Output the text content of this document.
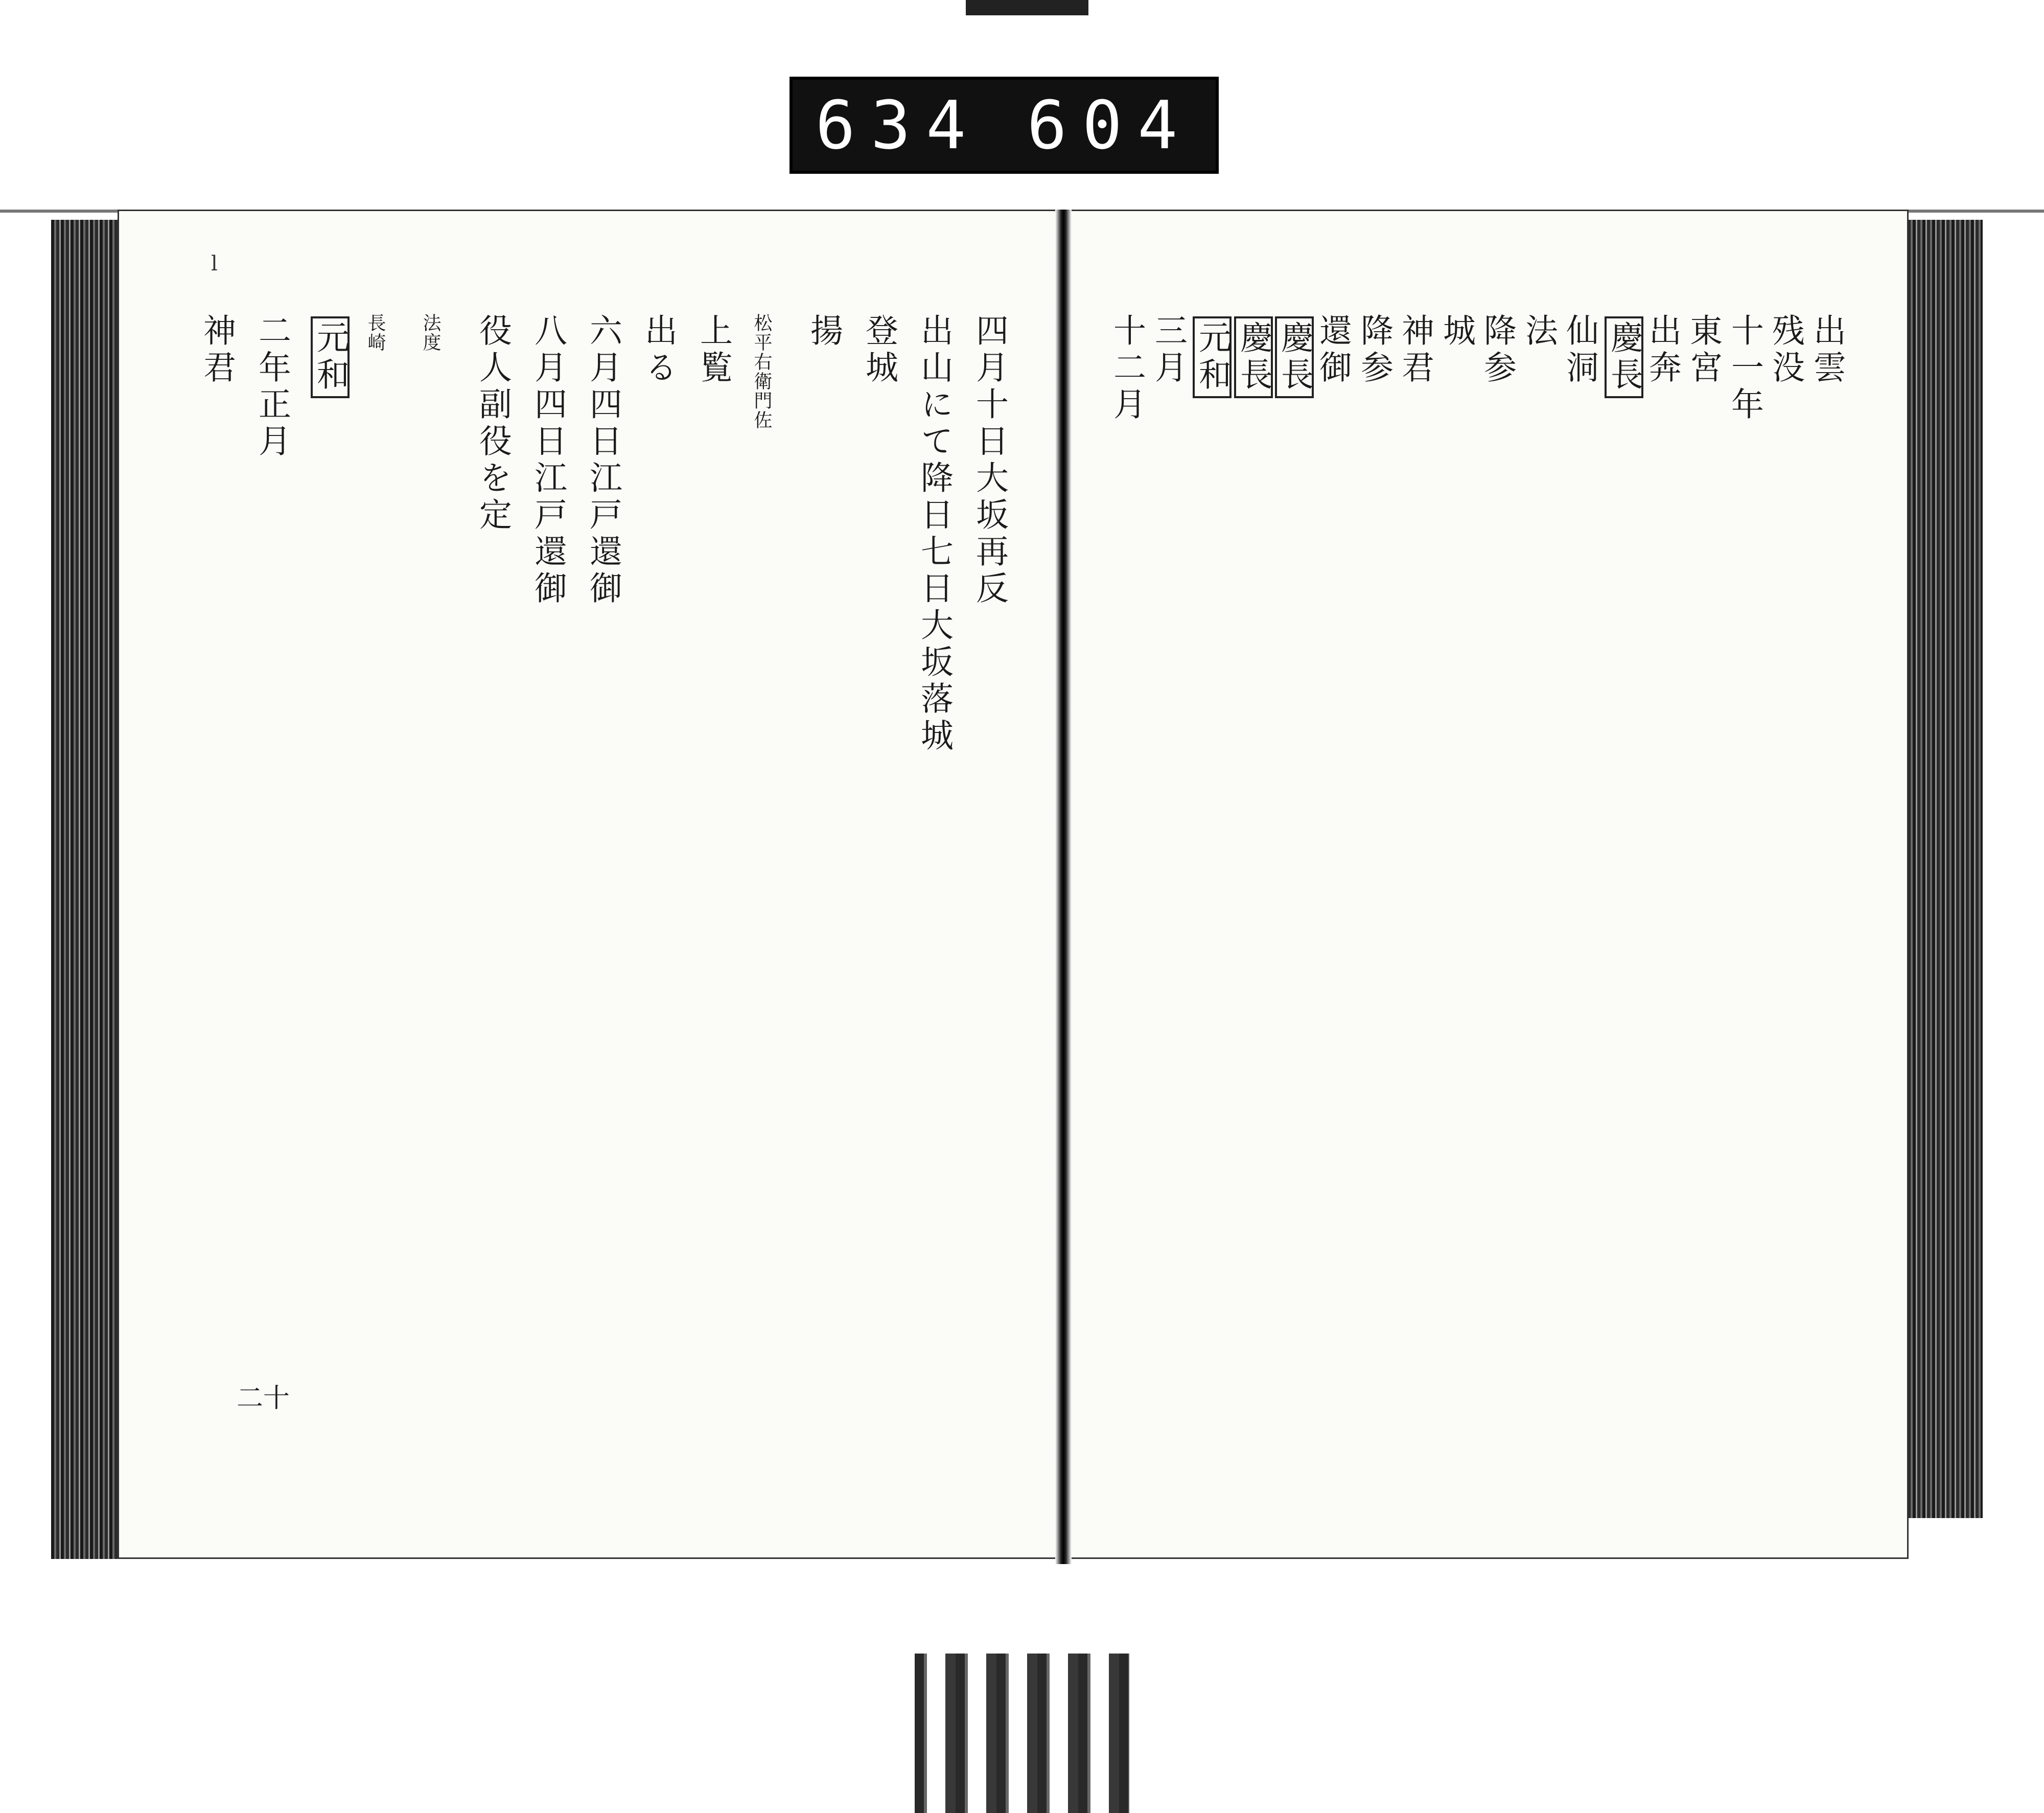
634 604
l
四月十日大坂再反
出山にて降日七日大坂落城
登城
揚
松平右衛門佐
上覧
出る
六月四日江戸還御
八月四日江戸還御
役人副役を定
法度
長崎
元和
二年正月
神君
二十
出雲
残没
十一年
東宮
出奔
慶長
仙洞
法
降参
城
神君
降参
還御
慶長
慶長
元和
三月
十二月
